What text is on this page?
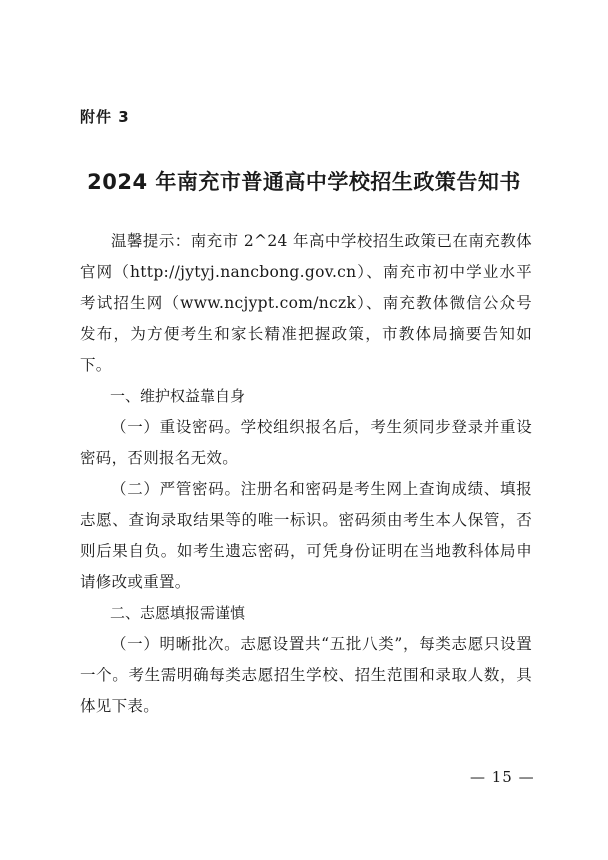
附件 3
2024 年南充市普通高中学校招生政策告知书

温馨提示：南充市 2^24 年高中学校招生政策已在南充教体官网（http://jytyj.nancbong.gov.cn）、南充市初中学业水平考试招生网（www.ncjypt.com/nczk）、南充教体微信公众号发布，为方便考生和家长精准把握政策，市教体局摘要告知如下。

一、维护权益靠自身

（一）重设密码。学校组织报名后，考生须同步登录并重设密码，否则报名无效。

（二）严管密码。注册名和密码是考生网上查询成绩、填报志愿、查询录取结果等的唯一标识。密码须由考生本人保管，否则后果自负。如考生遗忘密码，可凭身份证明在当地教科体局申请修改或重置。

二、志愿填报需谨慎

（一）明晰批次。志愿设置共“五批八类”，每类志愿只设置一个。考生需明确每类志愿招生学校、招生范围和录取人数，具体见下表。

— 15 —
